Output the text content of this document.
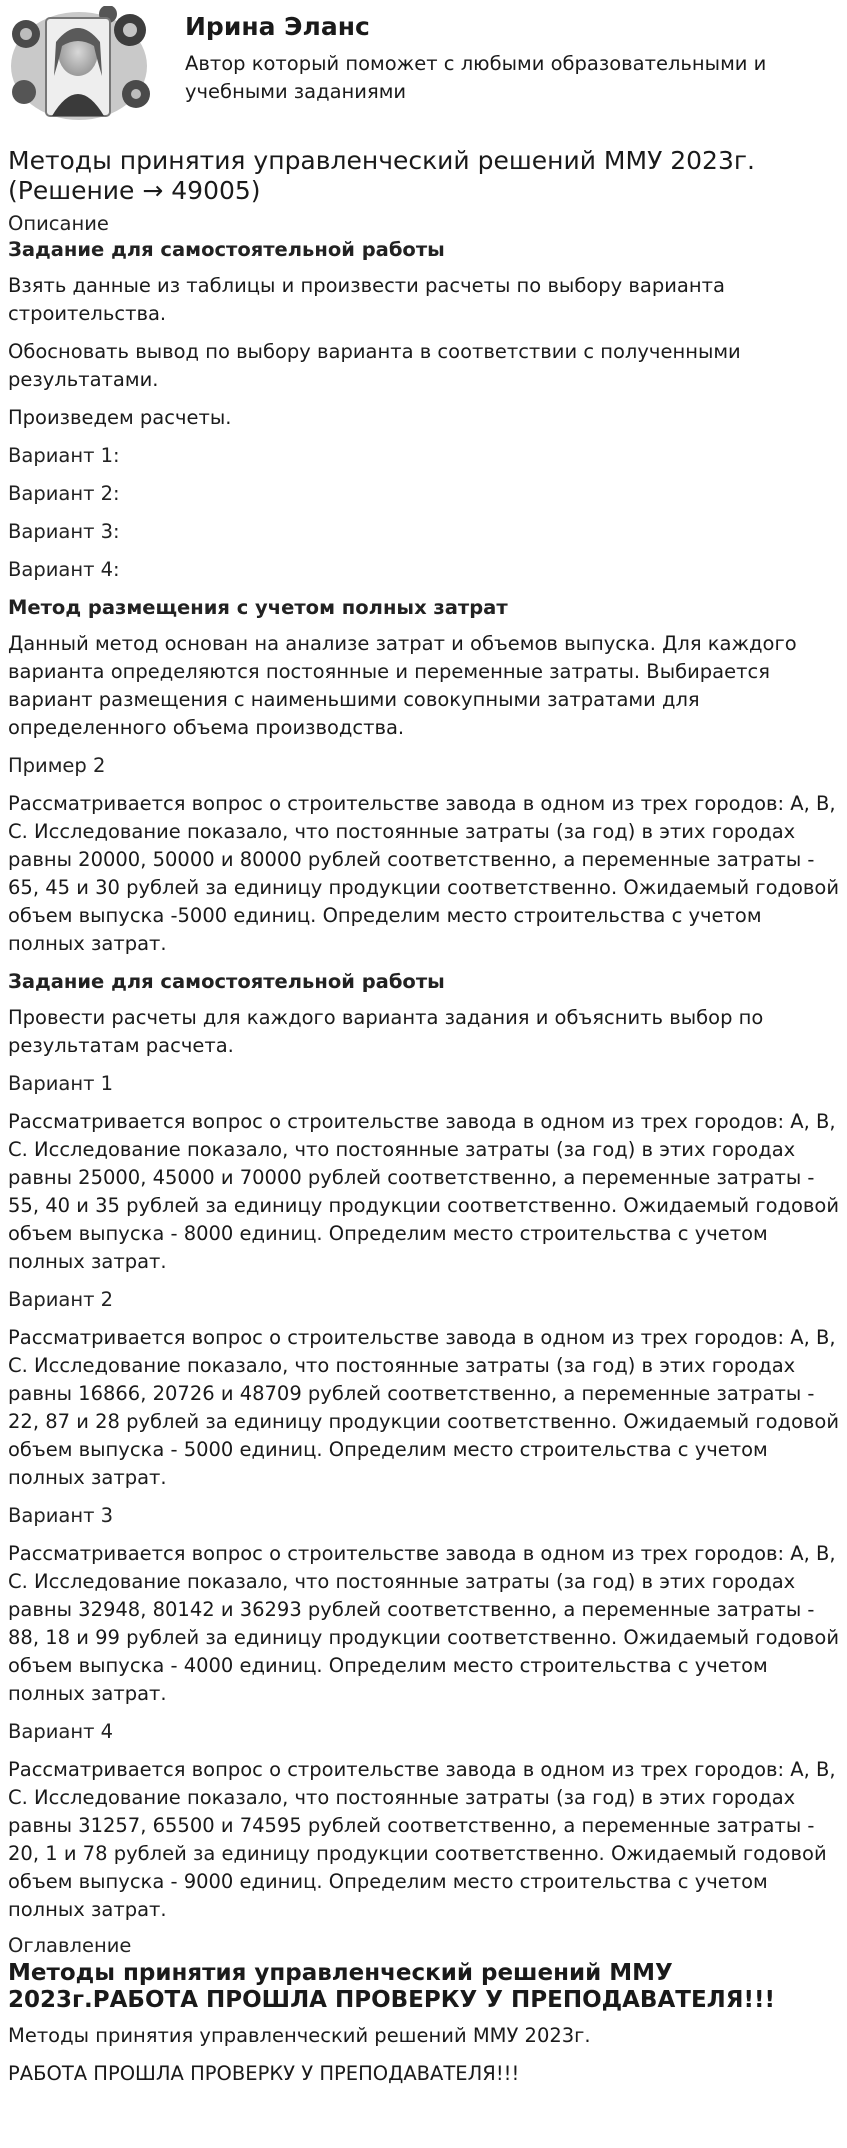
Ирина Эланс
Автор который поможет с любыми образовательными и учебными заданиями
Методы принятия управленческий решений ММУ 2023г. (Решение → 49005)

Описание

Задание для самостоятельной работы

Взять данные из таблицы и произвести расчеты по выбору варианта строительства.

Обосновать вывод по выбору варианта в соответствии с полученными результатами.

Произведем расчеты.

Вариант 1:

Вариант 2:

Вариант 3:

Вариант 4:

Метод размещения с учетом полных затрат

Данный метод основан на анализе затрат и объемов выпуска. Для каждого варианта определяются постоянные и переменные затраты. Выбирается вариант размещения с наименьшими совокупными затратами для определенного объема производства.

Пример 2

Рассматривается вопрос о строительстве завода в одном из трех городов: А, В, С. Исследование показало, что постоянные затраты (за год) в этих городах равны 20000, 50000 и 80000 рублей соответственно, а переменные затраты - 65, 45 и 30 рублей за единицу продукции соответственно. Ожидаемый годовой объем выпуска -5000 единиц. Определим место строительства с учетом полных затрат.

Задание для самостоятельной работы

Провести расчеты для каждого варианта задания и объяснить выбор по результатам расчета.

Вариант 1

Рассматривается вопрос о строительстве завода в одном из трех городов: А, В, С. Исследование показало, что постоянные затраты (за год) в этих городах равны 25000, 45000 и 70000 рублей соответственно, а переменные затраты - 55, 40 и 35 рублей за единицу продукции соответственно. Ожидаемый годовой объем выпуска - 8000 единиц. Определим место строительства с учетом полных затрат.

Вариант 2

Рассматривается вопрос о строительстве завода в одном из трех городов: А, В, С. Исследование показало, что постоянные затраты (за год) в этих городах равны 16866, 20726 и 48709 рублей соответственно, а переменные затраты - 22, 87 и 28 рублей за единицу продукции соответственно. Ожидаемый годовой объем выпуска - 5000 единиц. Определим место строительства с учетом полных затрат.

Вариант 3

Рассматривается вопрос о строительстве завода в одном из трех городов: А, В, С. Исследование показало, что постоянные затраты (за год) в этих городах равны 32948, 80142 и 36293 рублей соответственно, а переменные затраты - 88, 18 и 99 рублей за единицу продукции соответственно. Ожидаемый годовой объем выпуска - 4000 единиц. Определим место строительства с учетом полных затрат.

Вариант 4

Рассматривается вопрос о строительстве завода в одном из трех городов: А, В, С. Исследование показало, что постоянные затраты (за год) в этих городах равны 31257, 65500 и 74595 рублей соответственно, а переменные затраты - 20, 1 и 78 рублей за единицу продукции соответственно. Ожидаемый годовой объем выпуска - 9000 единиц. Определим место строительства с учетом полных затрат.

Оглавление

Методы принятия управленческий решений ММУ 2023г.РАБОТА ПРОШЛА ПРОВЕРКУ У ПРЕПОДАВАТЕЛЯ!!!

Методы принятия управленческий решений ММУ 2023г.

РАБОТА ПРОШЛА ПРОВЕРКУ У ПРЕПОДАВАТЕЛЯ!!!
